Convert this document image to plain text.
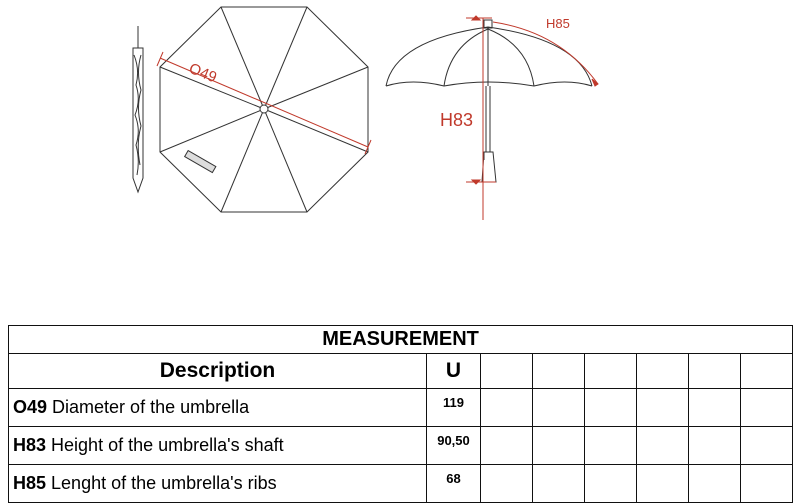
O49
H83
H85
MEASUREMENT							
Description	U						
O49 Diameter of the umbrella	119						
H83 Height of the umbrella's shaft	90,50						
H85 Lenght of the umbrella's ribs	68						
